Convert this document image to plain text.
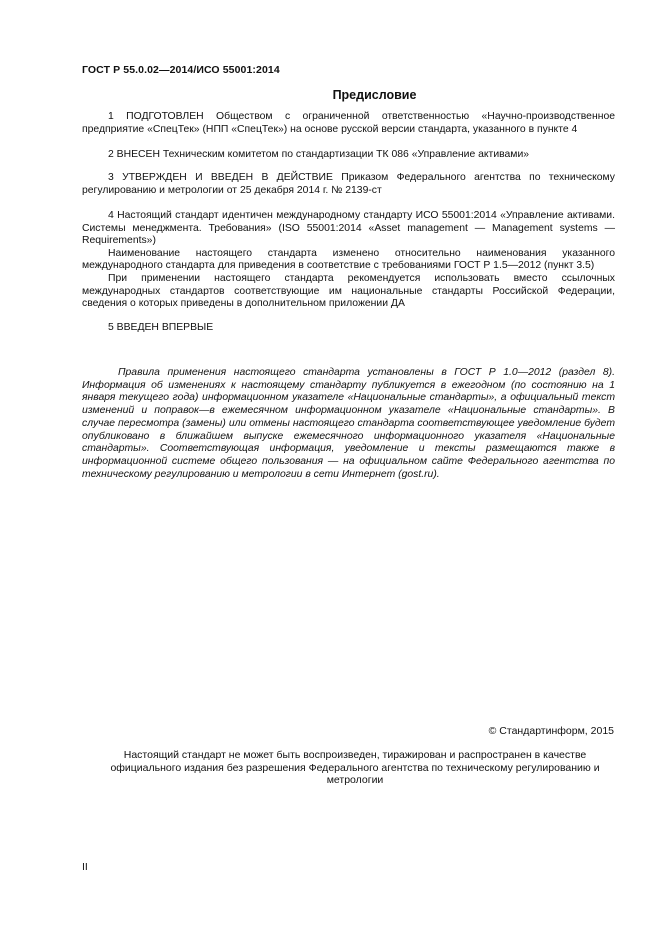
ГОСТ Р 55.0.02—2014/ИСО 55001:2014
Предисловие

1 ПОДГОТОВЛЕН Обществом с ограниченной ответственностью «Научно-производственное предприятие «СпецТек» (НПП «СпецТек») на основе русской версии стандарта, указанного в пункте 4

2 ВНЕСЕН Техническим комитетом по стандартизации ТК 086 «Управление активами»

3 УТВЕРЖДЕН И ВВЕДЕН В ДЕЙСТВИЕ Приказом Федерального агентства по техническому регулированию и метрологии от 25 декабря 2014 г. № 2139-ст

4 Настоящий стандарт идентичен международному стандарту ИСО 55001:2014 «Управление активами. Системы менеджмента. Требования» (ISO 55001:2014 «Asset management — Management systems — Requirements»)

Наименование настоящего стандарта изменено относительно наименования указанного международного стандарта для приведения в соответствие с требованиями ГОСТ Р 1.5—2012 (пункт 3.5)

При применении настоящего стандарта рекомендуется использовать вместо ссылочных международных стандартов соответствующие им национальные стандарты Российской Федерации, сведения о которых приведены в дополнительном приложении ДА

5 ВВЕДЕН ВПЕРВЫЕ

Правила применения настоящего стандарта установлены в ГОСТ Р 1.0—2012 (раздел 8). Информация об изменениях к настоящему стандарту публикуется в ежегодном (по состоянию на 1 января текущего года) информационном указателе «Национальные стандарты», а официальный текст изменений и поправок—в ежемесячном информационном указателе «Национальные стандарты». В случае пересмотра (замены) или отмены настоящего стандарта соответствующее уведомление будет опубликовано в ближайшем выпуске ежемесячного информационного указателя «Национальные стандарты». Соответствующая информация, уведомление и тексты размещаются также в информационной системе общего пользования — на официальном сайте Федерального агентства по техническому регулированию и метрологии в сети Интернет (gost.ru).
© Стандартинформ, 2015
Настоящий стандарт не может быть воспроизведен, тиражирован и распространен в качестве официального издания без разрешения Федерального агентства по техническому регулированию и метрологии
II
